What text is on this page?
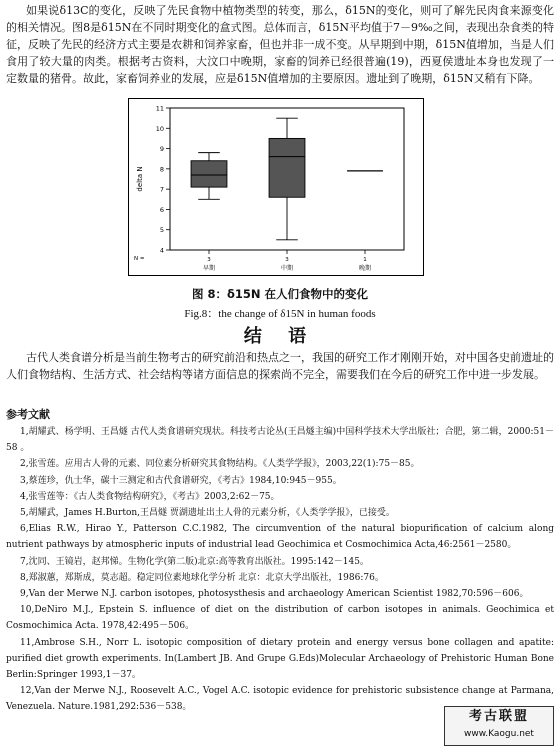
如果说δ13C的变化，反映了先民食物中植物类型的转变，那么，δ15N的变化，则可了解先民肉食来源变化的相关情况。图8是δ15N在不同时期变化的盒式图。总体而言，δ15N平均值于7－9‰之间，表现出杂食类的特征，反映了先民的经济方式主要是农耕和饲养家畜，但也并非一成不变。从早期到中期，δ15N值增加，当是人们食用了较大量的肉类。根据考古资料，大汶口中晚期，家畜的饲养已经很普遍(19)，西夏侯遗址本身也发现了一定数量的猪骨。故此，家畜饲养业的发展，应是δ15N值增加的主要原因。遗址到了晚期，δ15N又稍有下降。

4
5
6
7
8
9
10
11
delta N
N =	3
早期
3
中期
1
晚期
图 8：δ15N 在人们食物中的变化
Fig.8：the change of δ15N in human foods
结 语

古代人类食谱分析是当前生物考古的研究前沿和热点之一，我国的研究工作才刚刚开始，对中国各史前遗址的人们食物结构、生活方式、社会结构等诸方面信息的探索尚不完全，需要我们在今后的研究工作中进一步发展。

参考文献

1,胡耀武、杨学明、王昌燧 古代人类食谱研究现状。科技考古论丛(王昌燧主编)中国科学技术大学出版社；合肥，第二辑，2000:51－58 。

2,张雪莲。应用古人骨的元素、同位素分析研究其食物结构。《人类学学报》，2003,22(1):75－85。

3,蔡莲珍，仇士华，碳十三测定和古代食谱研究，《考古》1984,10:945－955。

4,张雪莲等：《古人类食物结构研究》，《考古》2003,2:62－75。

5,胡耀武，James H.Burton,王昌燧 贾湖遗址出土人骨的元素分析，《人类学学报》，已接受。

6,Elias R.W., Hirao Y., Patterson C.C.1982, The circumvention of the natural biopurification of calcium along nutrient pathways by atmospheric inputs of industrial lead Geochimica et Cosmochimica Acta,46:2561－2580。

7,沈同、王镜岩，赵邦悌。生物化学(第二版)北京:高等教育出版社。1995:142－145。

8,郑淑蕙，郑斯成，莫志超。稳定同位素地球化学分析 北京：北京大学出版社，1986:76。

9,Van der Merwe N.J. carbon isotopes, photosysthesis and archaeology American Scientist 1982,70:596－606。

10,DeNiro M.J., Epstein S. influence of diet on the distribution of carbon isotopes in animals. Geochimica et Cosmochimica Acta. 1978,42:495－506。

11,Ambrose S.H., Norr L. isotopic composition of dietary protein and energy versus bone collagen and apatite: purified diet growth experiments. In(Lambert JB. And Grupe G.Eds)Molecular Archaeology of Prehistoric Human Bone Berlin:Springer 1993,1－37。

12,Van der Merwe N.J., Roosevelt A.C., Vogel A.C. isotopic evidence for prehistoric subsistence change at Parmana, Venezuela. Nature.1981,292:536－538。

考古联盟
www.Kaogu.net
